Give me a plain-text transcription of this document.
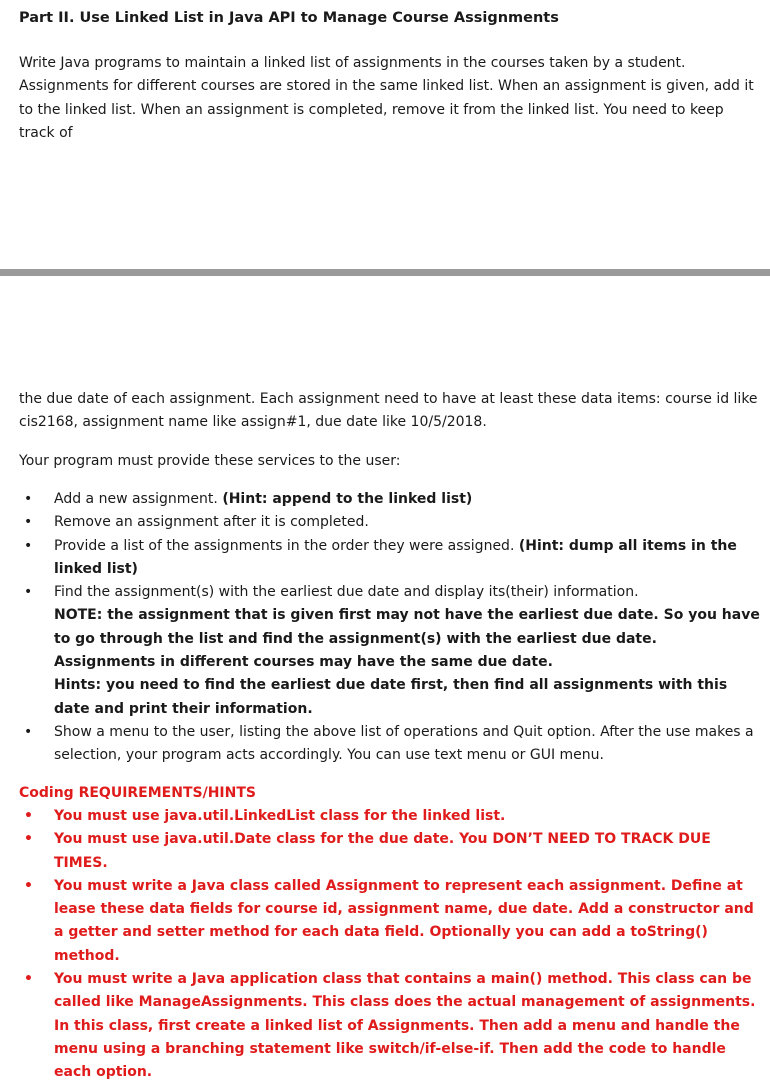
Part II. Use Linked List in Java API to Manage Course Assignments
Write Java programs to maintain a linked list of assignments in the courses taken by a student. Assignments for different courses are stored in the same linked list. When an assignment is given, add it to the linked list. When an assignment is completed, remove it from the linked list. You need to keep track of
the due date of each assignment. Each assignment need to have at least these data items: course id like cis2168, assignment name like assign#1, due date like 10/5/2018.
Your program must provide these services to the user:
• Add a new assignment. (Hint: append to the linked list)
• Remove an assignment after it is completed.
• Provide a list of the assignments in the order they were assigned. (Hint: dump all items in the linked list)
• Find the assignment(s) with the earliest due date and display its(their) information.
NOTE: the assignment that is given first may not have the earliest due date. So you have to go through the list and find the assignment(s) with the earliest due date. Assignments in different courses may have the same due date.
Hints: you need to find the earliest due date first, then find all assignments with this date and print their information.
• Show a menu to the user, listing the above list of operations and Quit option. After the use makes a selection, your program acts accordingly. You can use text menu or GUI menu.
Coding REQUIREMENTS/HINTS
• You must use java.util.LinkedList class for the linked list.
• You must use java.util.Date class for the due date. You DON’T NEED TO TRACK DUE TIMES.
• You must write a Java class called Assignment to represent each assignment. Define at lease these data fields for course id, assignment name, due date. Add a constructor and a getter and setter method for each data field. Optionally you can add a toString() method.
• You must write a Java application class that contains a main() method. This class can be called like ManageAssignments. This class does the actual management of assignments. In this class, first create a linked list of Assignments. Then add a menu and handle the menu using a branching statement like switch/if-else-if. Then add the code to handle each option.
